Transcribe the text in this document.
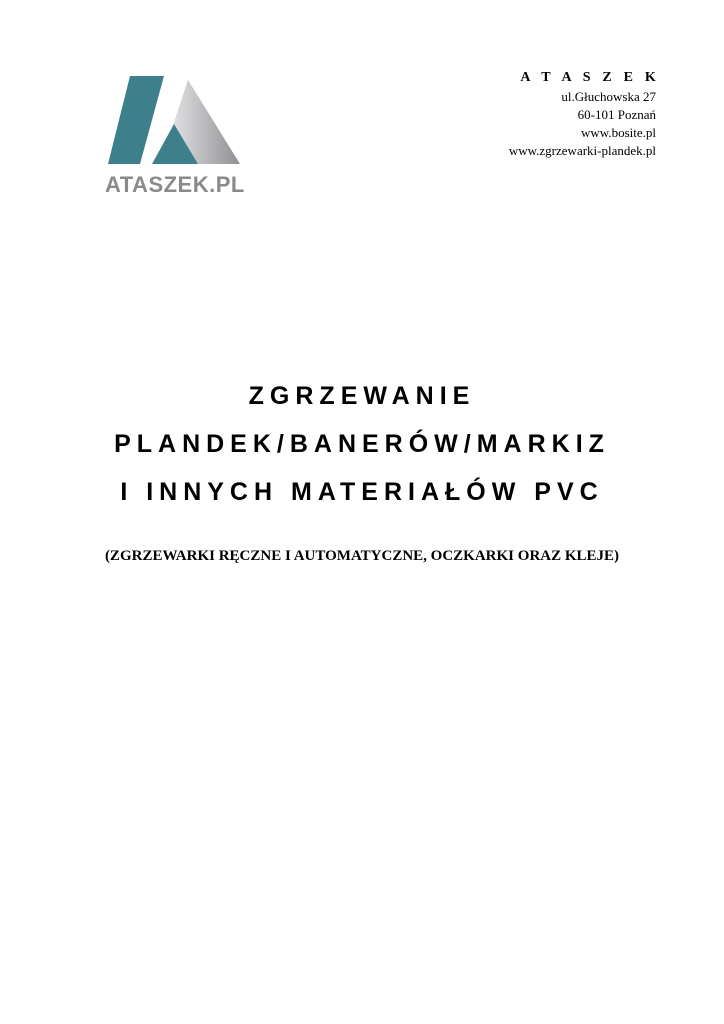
ATASZEK.PL
A T A S Z E K
ul.Głuchowska 27
60-101 Poznań
www.bosite.pl
www.zgrzewarki-plandek.pl
ZGRZEWANIE
PLANDEK/BANERÓW/MARKIZ
I INNYCH MATERIAŁÓW PVC
(ZGRZEWARKI RĘCZNE I AUTOMATYCZNE, OCZKARKI ORAZ KLEJE)
